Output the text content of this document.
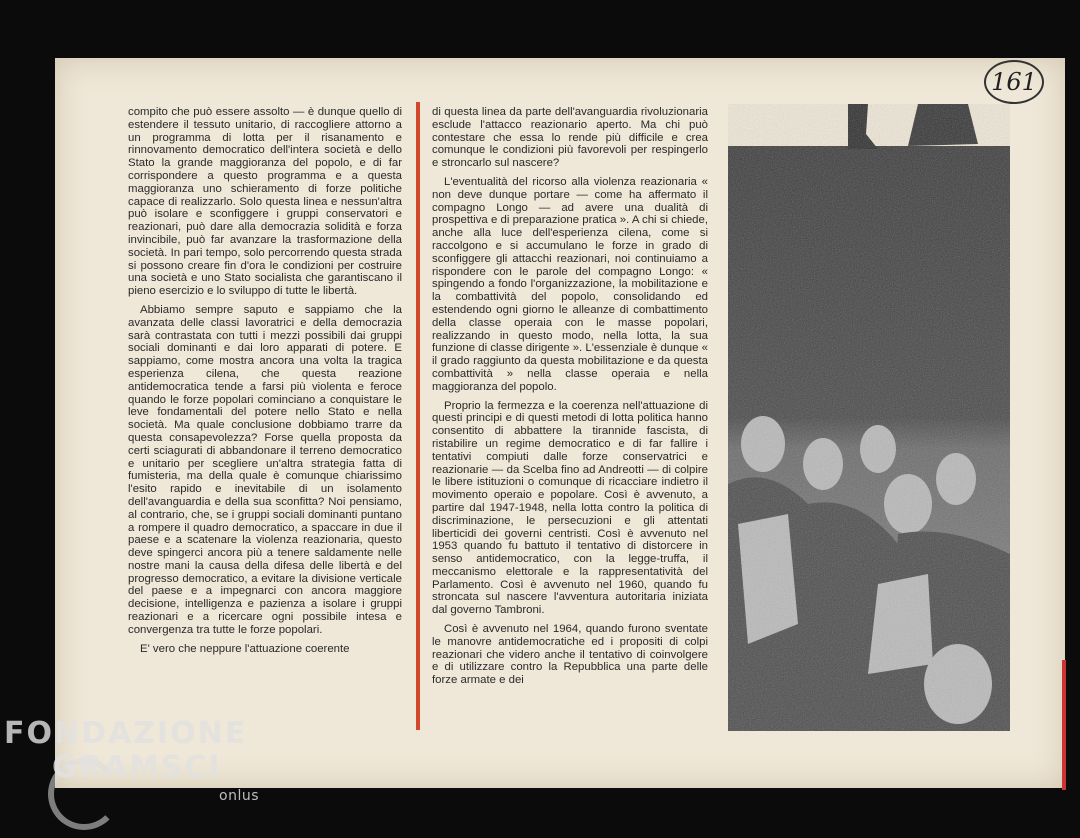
161

compito che può essere assolto — è dunque quello di estendere il tessuto unitario, di raccogliere attorno a un programma di lotta per il risanamento e rinnovamento democratico dell'intera società e dello Stato la grande maggioranza del popolo, e di far corrispondere a questo programma e a questa maggioranza uno schieramento di forze politiche capace di realizzarlo. Solo questa linea e nessun'altra può isolare e sconfiggere i gruppi conservatori e reazionari, può dare alla democrazia solidità e forza invincibile, può far avanzare la trasformazione della società. In pari tempo, solo percorrendo questa strada si possono creare fin d'ora le condizioni per costruire una società e uno Stato socialista che garantiscano il pieno esercizio e lo sviluppo di tutte le libertà.

Abbiamo sempre saputo e sappiamo che la avanzata delle classi lavoratrici e della democrazia sarà contrastata con tutti i mezzi possibili dai gruppi sociali dominanti e dai loro apparati di potere. E sappiamo, come mostra ancora una volta la tragica esperienza cilena, che questa reazione antidemocratica tende a farsi più violenta e feroce quando le forze popolari cominciano a conquistare le leve fondamentali del potere nello Stato e nella società. Ma quale conclusione dobbiamo trarre da questa consapevolezza? Forse quella proposta da certi sciagurati di abbandonare il terreno democratico e unitario per scegliere un'altra strategia fatta di fumisteria, ma della quale è comunque chiarissimo l'esito rapido e inevitabile di un isolamento dell'avanguardia e della sua sconfitta? Noi pensiamo, al contrario, che, se i gruppi sociali dominanti puntano a rompere il quadro democratico, a spaccare in due il paese e a scatenare la violenza reazionaria, questo deve spingerci ancora più a tenere saldamente nelle nostre mani la causa della difesa delle libertà e del progresso democratico, a evitare la divisione verticale del paese e a impegnarci con ancora maggiore decisione, intelligenza e pazienza a isolare i gruppi reazionari e a ricercare ogni possibile intesa e convergenza tra tutte le forze popolari.

E' vero che neppure l'attuazione coerente

di questa linea da parte dell'avanguardia rivoluzionaria esclude l'attacco reazionario aperto. Ma chi può contestare che essa lo rende più difficile e crea comunque le condizioni più favorevoli per respingerlo e stroncarlo sul nascere?

L'eventualità del ricorso alla violenza reazionaria « non deve dunque portare — come ha affermato il compagno Longo — ad avere una dualità di prospettiva e di preparazione pratica ». A chi si chiede, anche alla luce dell'esperienza cilena, come si raccolgono e si accumulano le forze in grado di sconfiggere gli attacchi reazionari, noi continuiamo a rispondere con le parole del compagno Longo: « spingendo a fondo l'organizzazione, la mobilitazione e la combattività del popolo, consolidando ed estendendo ogni giorno le alleanze di combattimento della classe operaia con le masse popolari, realizzando in questo modo, nella lotta, la sua funzione di classe dirigente ». L'essenziale è dunque « il grado raggiunto da questa mobilitazione e da questa combattività » nella classe operaia e nella maggioranza del popolo.

Proprio la fermezza e la coerenza nell'attuazione di questi principi e di questi metodi di lotta politica hanno consentito di abbattere la tirannide fascista, di ristabilire un regime democratico e di far fallire i tentativi compiuti dalle forze conservatrici e reazionarie — da Scelba fino ad Andreotti — di colpire le libere istituzioni o comunque di ricacciare indietro il movimento operaio e popolare. Così è avvenuto, a partire dal 1947-1948, nella lotta contro la politica di discriminazione, le persecuzioni e gli attentati liberticidi dei governi centristi. Così è avvenuto nel 1953 quando fu battuto il tentativo di distorcere in senso antidemocratico, con la legge-truffa, il meccanismo elettorale e la rappresentatività del Parlamento. Così è avvenuto nel 1960, quando fu stroncata sul nascere l'avventura autoritaria iniziata dal governo Tambroni.

Così è avvenuto nel 1964, quando furono sventate le manovre antidemocratiche ed i propositi di colpi reazionari che videro anche il tentativo di coinvolgere e di utilizzare contro la Repubblica una parte delle forze armate e dei

FONDAZIONE
GRAMSCI
onlus
